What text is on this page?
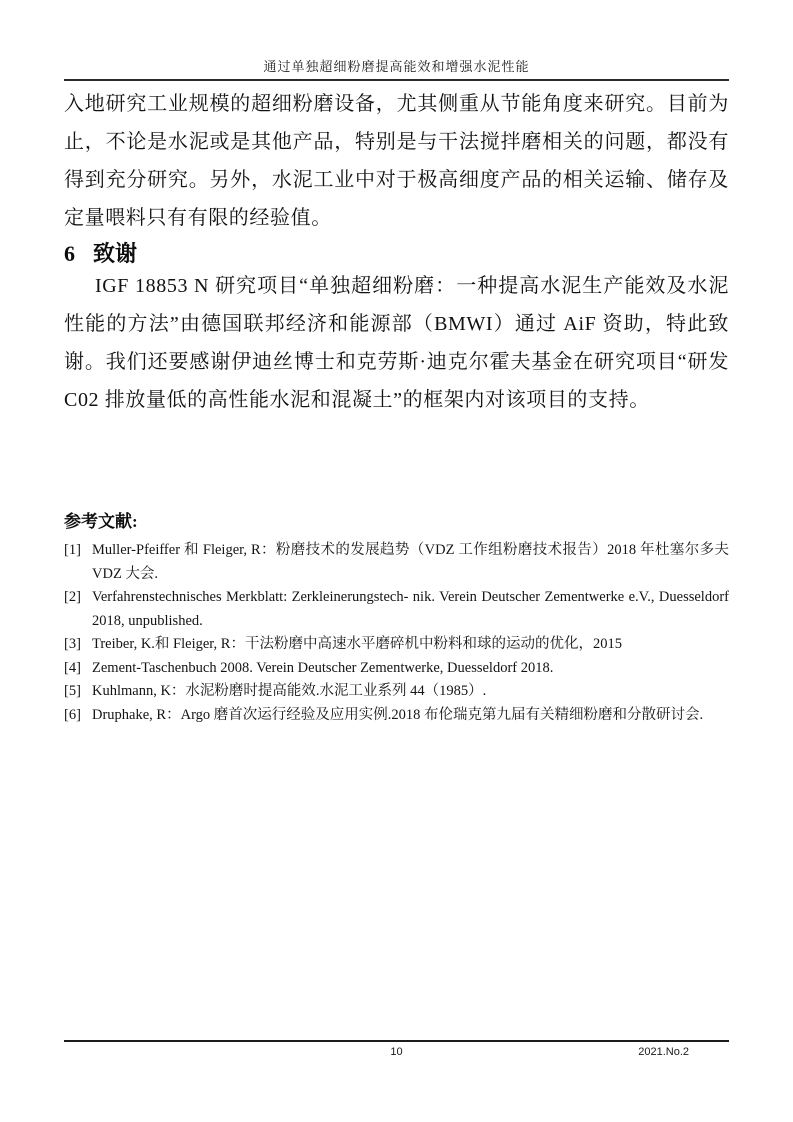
通过单独超细粉磨提高能效和增强水泥性能

入地研究工业规模的超细粉磨设备，尤其侧重从节能角度来研究。目前为止，不论是水泥或是其他产品，特别是与干法搅拌磨相关的问题，都没有得到充分研究。另外，水泥工业中对于极高细度产品的相关运输、储存及定量喂料只有有限的经验值。

6 致谢

IGF 18853 N 研究项目“单独超细粉磨：一种提高水泥生产能效及水泥性能的方法”由德国联邦经济和能源部（BMWI）通过 AiF 资助，特此致谢。我们还要感谢伊迪丝博士和克劳斯·迪克尔霍夫基金在研究项目“研发 C02 排放量低的高性能水泥和混凝土”的框架内对该项目的支持。

参考文献:
[1] Muller-Pfeiffer 和 Fleiger, R：粉磨技术的发展趋势（VDZ 工作组粉磨技术报告）2018 年杜塞尔多夫 VDZ 大会.
[2] Verfahrenstechnisches Merkblatt: Zerkleinerungstech- nik. Verein Deutscher Zementwerke e.V., Duesseldorf 2018, unpublished.
[3] Treiber, K.和 Fleiger, R：干法粉磨中高速水平磨碎机中粉料和球的运动的优化，2015
[4] Zement-Taschenbuch 2008. Verein Deutscher Zementwerke, Duesseldorf 2018.
[5] Kuhlmann, K：水泥粉磨时提高能效.水泥工业系列 44（1985）.
[6] Druphake, R：Argo 磨首次运行经验及应用实例.2018 布伦瑞克第九届有关精细粉磨和分散研讨会.
10	2021.No.2
